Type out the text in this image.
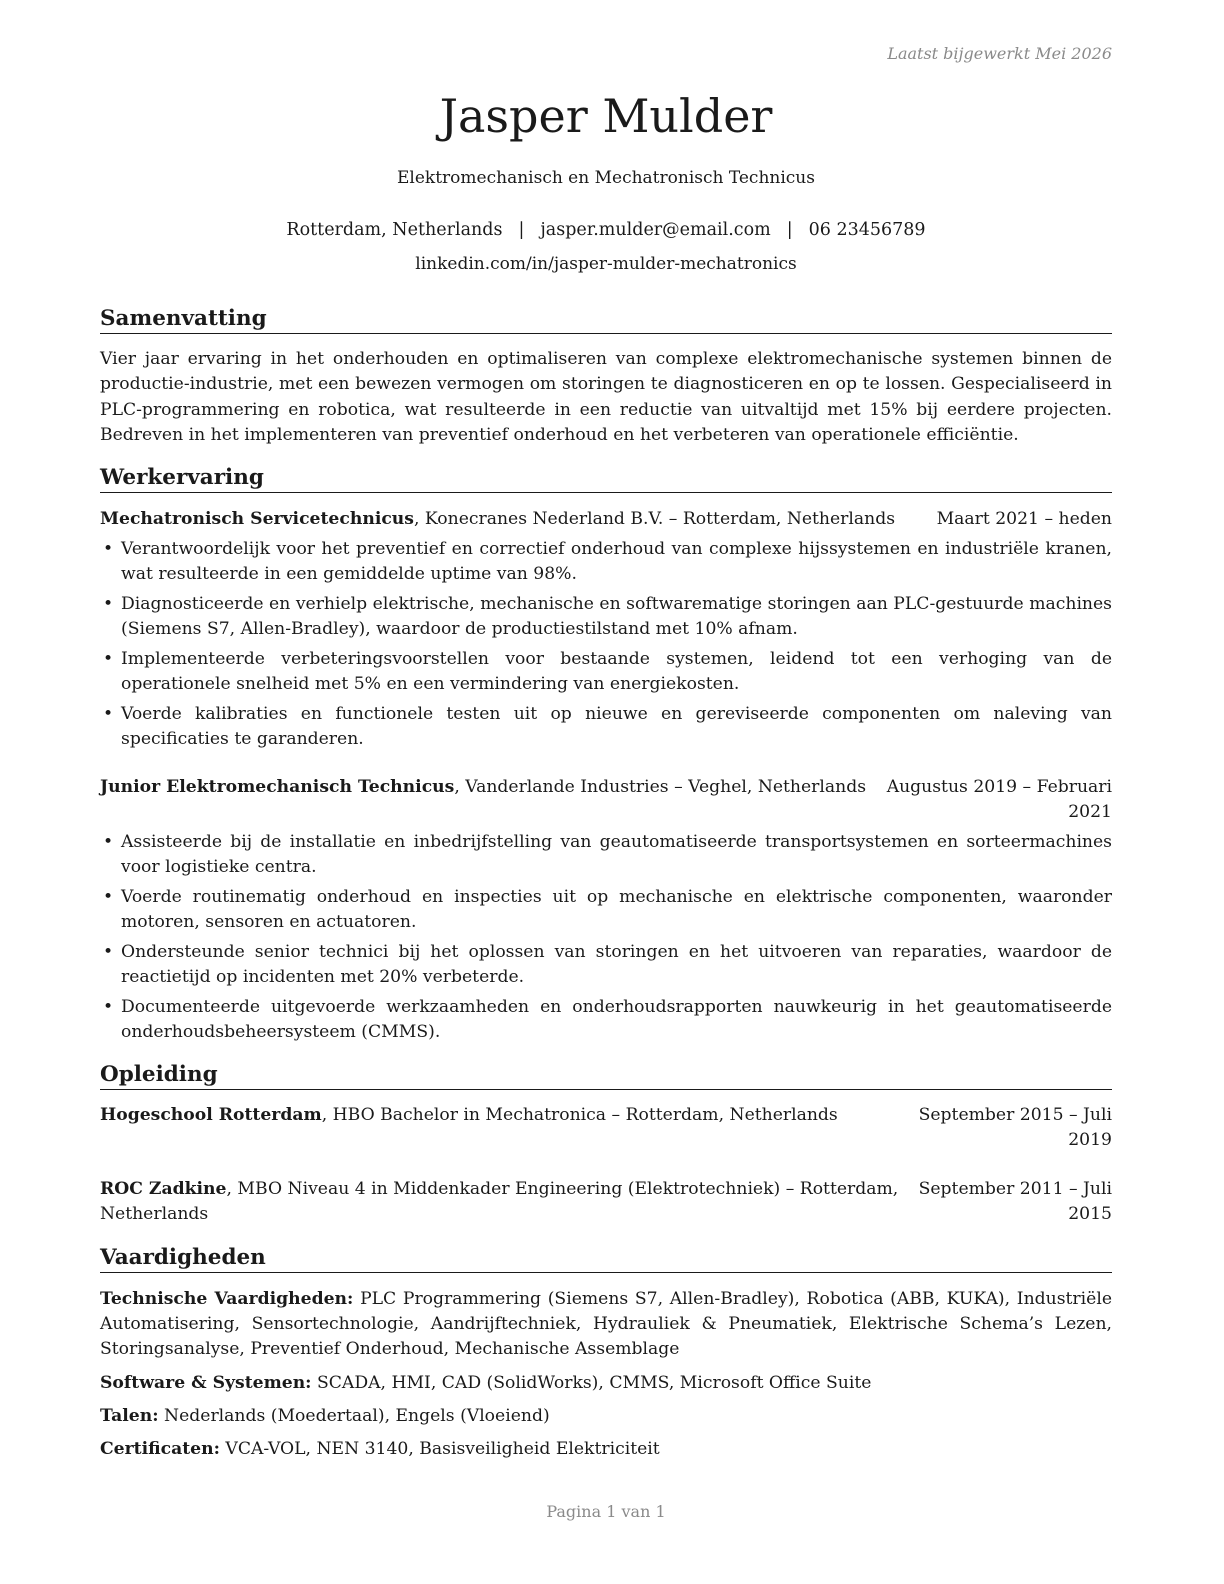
Laatst bijgewerkt Mei 2026
Jasper Mulder
Elektromechanisch en Mechatronisch Technicus
Rotterdam, Netherlands | jasper.mulder@email.com | 06 23456789
linkedin.com/in/jasper-mulder-mechatronics
Samenvatting
Vier jaar ervaring in het onderhouden en optimaliseren van complexe elektromechanische systemen binnen de productie-industrie, met een bewezen vermogen om storingen te diagnosticeren en op te lossen. Gespecialiseerd in PLC-programmering en robotica, wat resulteerde in een reductie van uitvaltijd met 15% bij eerdere projecten. Bedreven in het implementeren van preventief onderhoud en het verbeteren van operationele efficiëntie.
Werkervaring
Mechatronisch Servicetechnicus, Konecranes Nederland B.V. – Rotterdam, Netherlands Maart 2021 – heden
• Verantwoordelijk voor het preventief en correctief onderhoud van complexe hijssystemen en industriële kranen, wat resulteerde in een gemiddelde uptime van 98%.
• Diagnosticeerde en verhielp elektrische, mechanische en softwarematige storingen aan PLC-gestuurde machines (Siemens S7, Allen-Bradley), waardoor de productiestilstand met 10% afnam.
• Implementeerde verbeteringsvoorstellen voor bestaande systemen, leidend tot een verhoging van de operationele snelheid met 5% en een vermindering van energiekosten.
• Voerde kalibraties en functionele testen uit op nieuwe en gereviseerde componenten om naleving van specificaties te garanderen.
Junior Elektromechanisch Technicus, Vanderlande Industries – Veghel, Netherlands Augustus 2019 – Februari
2021
• Assisteerde bij de installatie en inbedrijfstelling van geautomatiseerde transportsystemen en sorteermachines voor logistieke centra.
• Voerde routinematig onderhoud en inspecties uit op mechanische en elektrische componenten, waaronder motoren, sensoren en actuatoren.
• Ondersteunde senior technici bij het oplossen van storingen en het uitvoeren van reparaties, waardoor de reactietijd op incidenten met 20% verbeterde.
• Documenteerde uitgevoerde werkzaamheden en onderhoudsrapporten nauwkeurig in het geautomatiseerde onderhoudsbeheersysteem (CMMS).
Opleiding
Hogeschool Rotterdam, HBO Bachelor in Mechatronica – Rotterdam, Netherlands	September 2015 – Juli
2019
ROC Zadkine, MBO Niveau 4 in Middenkader Engineering (Elektrotechniek) – Rotterdam,
Netherlands
September 2011 – Juli
2015
Vaardigheden
Technische Vaardigheden: PLC Programmering (Siemens S7, Allen-Bradley), Robotica (ABB, KUKA), Industriële Automatisering, Sensortechnologie, Aandrijftechniek, Hydrauliek & Pneumatiek, Elektrische Schema’s Lezen, Storingsanalyse, Preventief Onderhoud, Mechanische Assemblage
Software & Systemen: SCADA, HMI, CAD (SolidWorks), CMMS, Microsoft Office Suite
Talen: Nederlands (Moedertaal), Engels (Vloeiend)
Certificaten: VCA-VOL, NEN 3140, Basisveiligheid Elektriciteit
Pagina 1 van 1
